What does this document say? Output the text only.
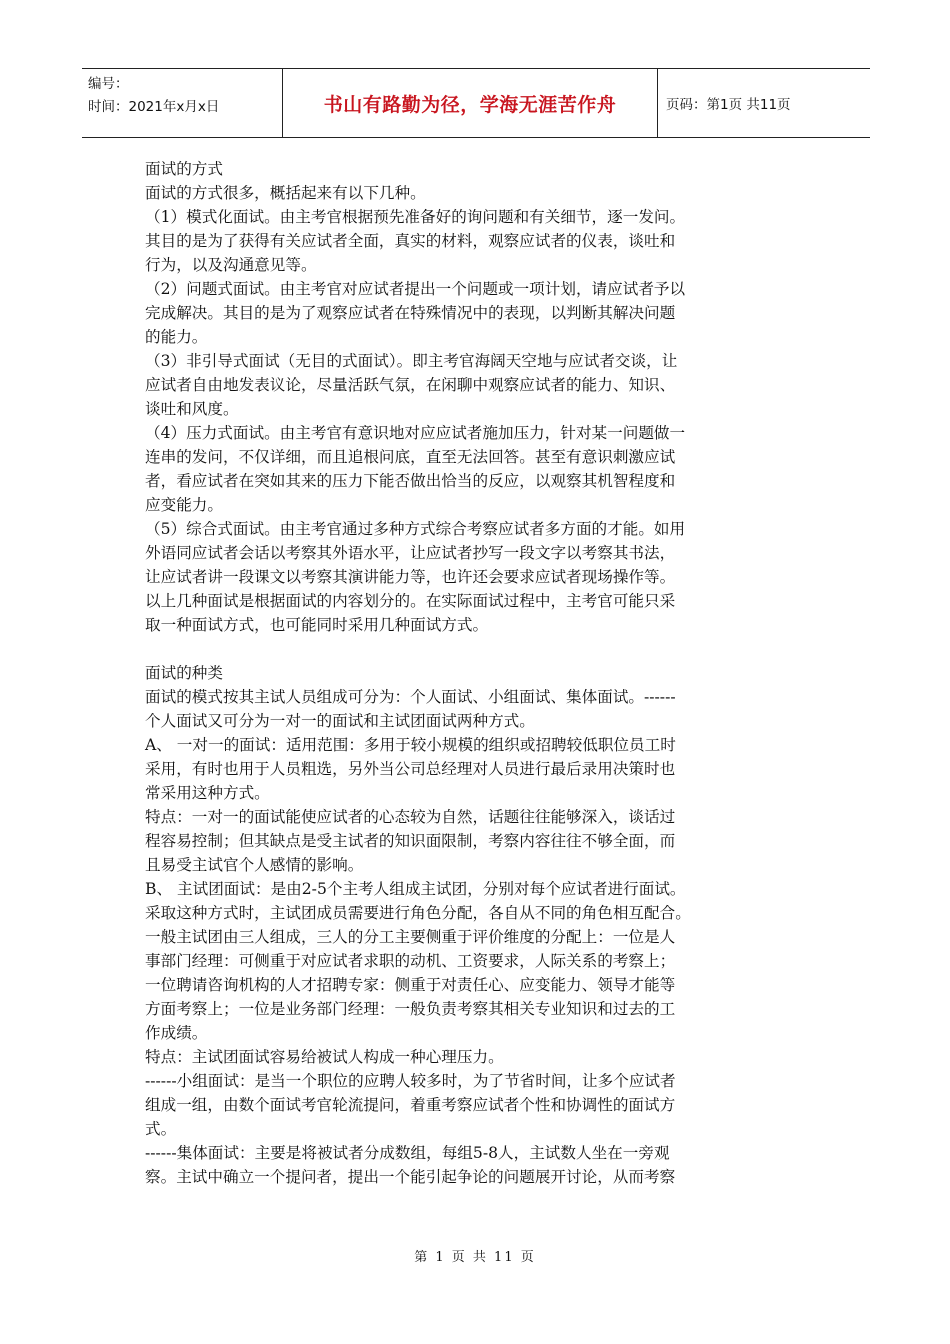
编号：
时间：2021年x月x日	书山有路勤为径，学海无涯苦作舟	页码：第1页 共11页

面试的方式

面试的方式很多，概括起来有以下几种。

（1）模式化面试。由主考官根据预先准备好的询问题和有关细节，逐一发问。

其目的是为了获得有关应试者全面，真实的材料，观察应试者的仪表，谈吐和

行为，以及沟通意见等。

（2）问题式面试。由主考官对应试者提出一个问题或一项计划，请应试者予以

完成解决。其目的是为了观察应试者在特殊情况中的表现，以判断其解决问题

的能力。

（3）非引导式面试（无目的式面试）。即主考官海阔天空地与应试者交谈，让

应试者自由地发表议论，尽量活跃气氛，在闲聊中观察应试者的能力、知识、

谈吐和风度。

（4）压力式面试。由主考官有意识地对应应试者施加压力，针对某一问题做一

连串的发问，不仅详细，而且追根问底，直至无法回答。甚至有意识刺激应试

者，看应试者在突如其来的压力下能否做出恰当的反应，以观察其机智程度和

应变能力。

（5）综合式面试。由主考官通过多种方式综合考察应试者多方面的才能。如用

外语同应试者会话以考察其外语水平，让应试者抄写一段文字以考察其书法，

让应试者讲一段课文以考察其演讲能力等，也许还会要求应试者现场操作等。

以上几种面试是根据面试的内容划分的。在实际面试过程中，主考官可能只采

取一种面试方式，也可能同时采用几种面试方式。

面试的种类

面试的模式按其主试人员组成可分为：个人面试、小组面试、集体面试。------

个人面试又可分为一对一的面试和主试团面试两种方式。

A、 一对一的面试：适用范围：多用于较小规模的组织或招聘较低职位员工时

采用，有时也用于人员粗选，另外当公司总经理对人员进行最后录用决策时也

常采用这种方式。

特点：一对一的面试能使应试者的心态较为自然，话题往往能够深入，谈话过

程容易控制；但其缺点是受主试者的知识面限制，考察内容往往不够全面，而

且易受主试官个人感情的影响。

B、 主试团面试：是由2-5个主考人组成主试团，分别对每个应试者进行面试。

采取这种方式时，主试团成员需要进行角色分配，各自从不同的角色相互配合。

一般主试团由三人组成，三人的分工主要侧重于评价维度的分配上：一位是人

事部门经理：可侧重于对应试者求职的动机、工资要求，人际关系的考察上；

一位聘请咨询机构的人才招聘专家：侧重于对责任心、应变能力、领导才能等

方面考察上；一位是业务部门经理：一般负责考察其相关专业知识和过去的工

作成绩。

特点：主试团面试容易给被试人构成一种心理压力。

------小组面试：是当一个职位的应聘人较多时，为了节省时间，让多个应试者

组成一组，由数个面试考官轮流提问，着重考察应试者个性和协调性的面试方

式。

------集体面试：主要是将被试者分成数组，每组5-8人，主试数人坐在一旁观

察。主试中确立一个提问者，提出一个能引起争论的问题展开讨论，从而考察

第 1 页 共 11 页
